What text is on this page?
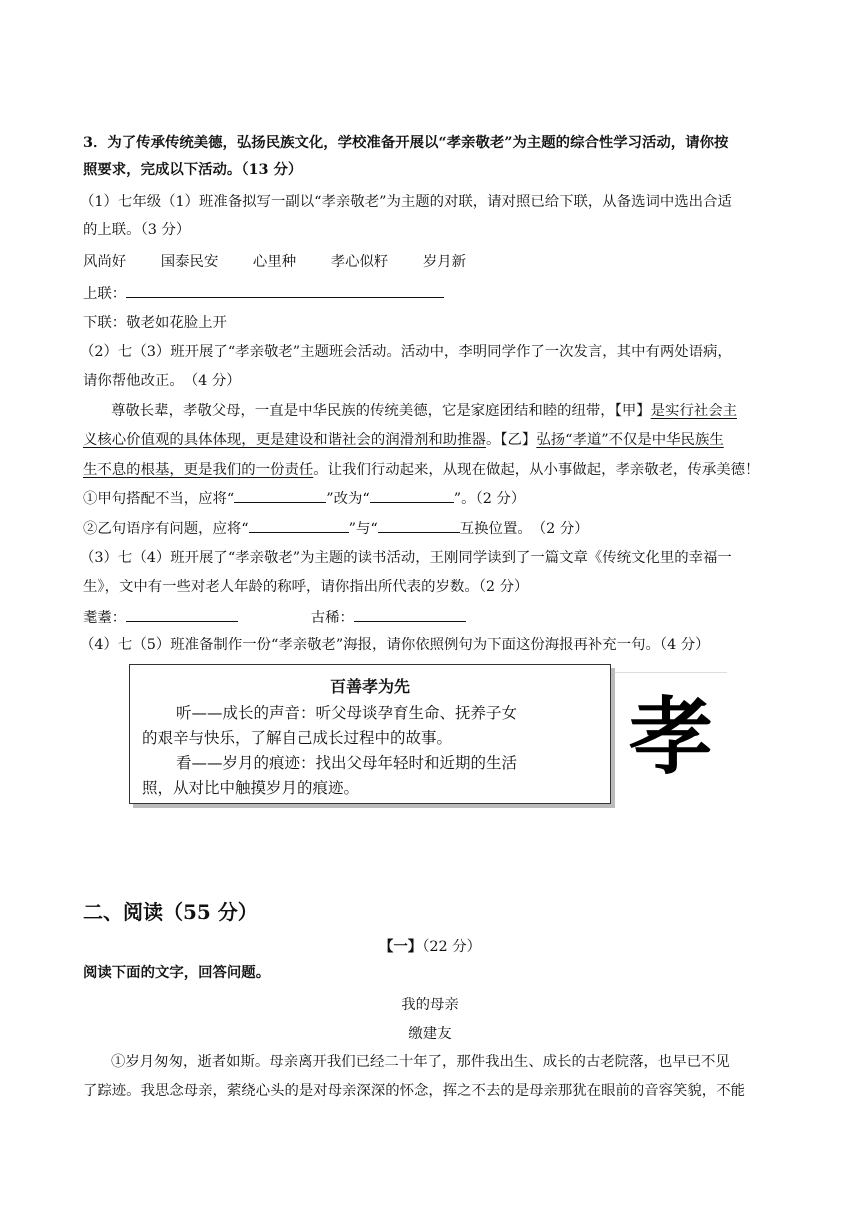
3．为了传承传统美德，弘扬民族文化，学校准备开展以“孝亲敬老”为主题的综合性学习活动，请你按
照要求，完成以下活动。（13 分）
（1）七年级（1）班准备拟写一副以“孝亲敬老”为主题的对联，请对照已给下联，从备选词中选出合适
的上联。（3 分）
风尚好 国泰民安 心里种 孝心似籽 岁月新
上联：
下联：敬老如花脸上开
（2）七（3）班开展了“孝亲敬老”主题班会活动。活动中，李明同学作了一次发言，其中有两处语病，
请你帮他改正。　（4 分）
尊敬长辈，孝敬父母，一直是中华民族的传统美德，它是家庭团结和睦的纽带，【甲】是实行社会主
义核心价值观的具体体现，更是建设和谐社会的润滑剂和助推器。【乙】弘扬“孝道”不仅是中华民族生
生不息的根基，更是我们的一份责任。让我们行动起来，从现在做起，从小事做起，孝亲敬老，传承美德！
①甲句搭配不当，应将“	”改为“	”。（2 分）
②乙句语序有问题，应将“	”与“	互换位置。　（2 分）
（3）七（4）班开展了“孝亲敬老”为主题的读书活动，王刚同学读到了一篇文章《传统文化里的幸福一
生》，文中有一些对老人年龄的称呼，请你指出所代表的岁数。（2 分）
耄耋：	古稀：
（4）七（5）班准备制作一份“孝亲敬老”海报，请你依照例句为下面这份海报再补充一句。（4 分）
百善孝为先

听——成长的声音：听父母谈孕育生命、抚养子女

的艰辛与快乐，了解自己成长过程中的故事。

看——岁月的痕迹：找出父母年轻时和近期的生活

照，从对比中触摸岁月的痕迹。

孝
二、阅读（55 分）
【一】（22 分）
阅读下面的文字，回答问题。
我的母亲
缴建友
①岁月匆匆，逝者如斯。母亲离开我们已经二十年了，那件我出生、成长的古老院落，也早已不见
了踪迹。我思念母亲，萦绕心头的是对母亲深深的怀念，挥之不去的是母亲那犹在眼前的音容笑貌，不能
